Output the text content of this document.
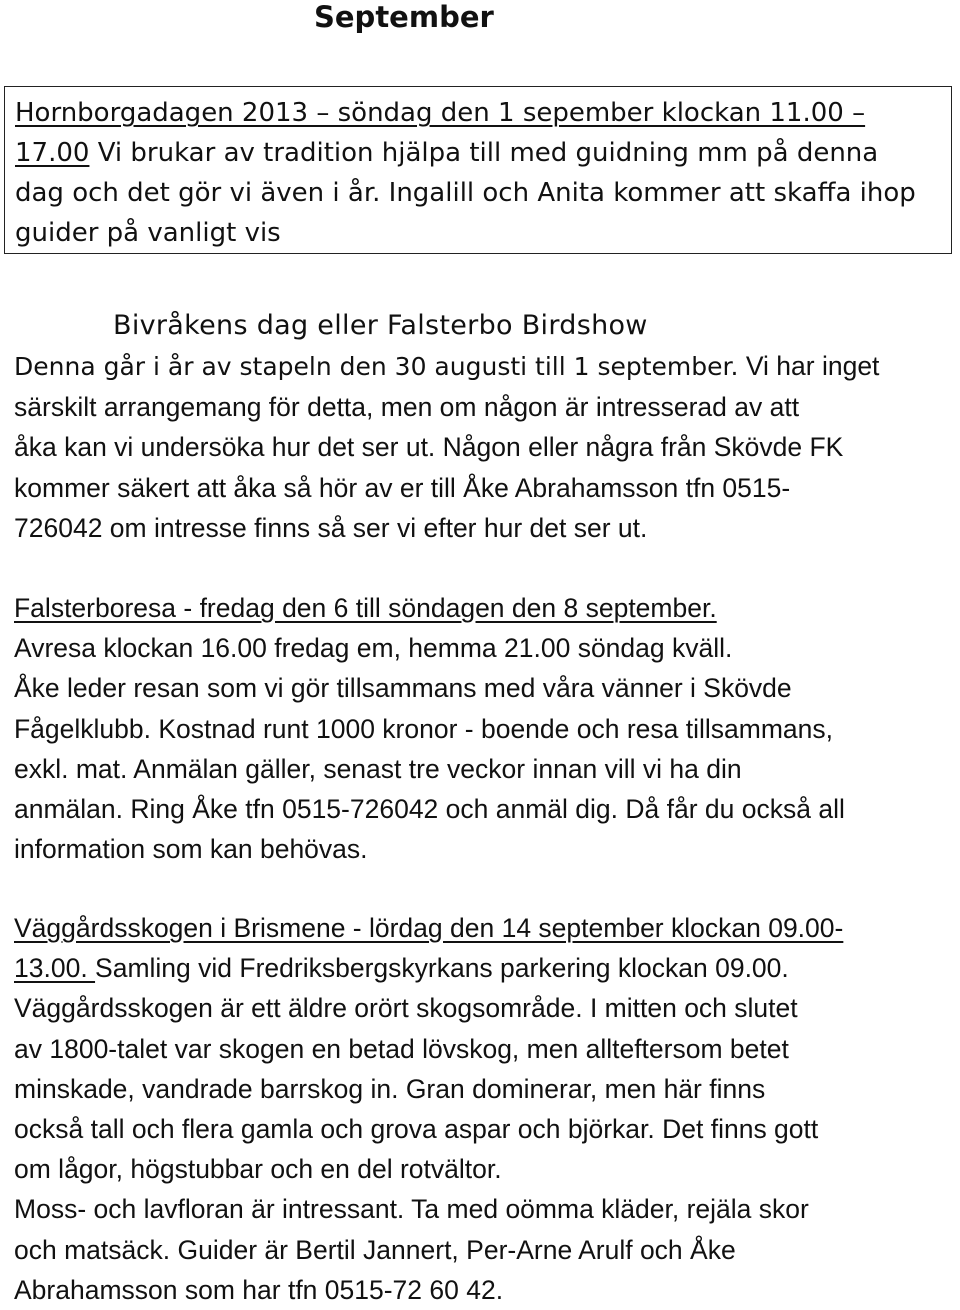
September
Hornborgadagen 2013 – söndag den 1 sepember klockan 11.00 –
17.00 Vi brukar av tradition hjälpa till med guidning mm på denna
dag och det gör vi även i år. Ingalill och Anita kommer att skaffa ihop
guider på vanligt vis
Bivråkens dag eller Falsterbo Birdshow
Denna går i år av stapeln den 30 augusti till 1 september. Vi har inget
särskilt arrangemang för detta, men om någon är intresserad av att
åka kan vi undersöka hur det ser ut. Någon eller några från Skövde FK
kommer säkert att åka så hör av er till Åke Abrahamsson tfn 0515-
726042 om intresse finns så ser vi efter hur det ser ut.
Falsterboresa - fredag den 6 till söndagen den 8 september.
Avresa klockan 16.00 fredag em, hemma 21.00 söndag kväll.
Åke leder resan som vi gör tillsammans med våra vänner i Skövde
Fågelklubb. Kostnad runt 1000 kronor - boende och resa tillsammans,
exkl. mat. Anmälan gäller, senast tre veckor innan vill vi ha din
anmälan. Ring Åke tfn 0515-726042 och anmäl dig. Då får du också all
information som kan behövas.
Väggårdsskogen i Brismene - lördag den 14 september klockan 09.00-
13.00. Samling vid Fredriksbergskyrkans parkering klockan 09.00.
Väggårdsskogen är ett äldre orört skogsområde. I mitten och slutet
av 1800-talet var skogen en betad lövskog, men allteftersom betet
minskade, vandrade barrskog in. Gran dominerar, men här finns
också tall och flera gamla och grova aspar och björkar. Det finns gott
om lågor, högstubbar och en del rotvältor.
Moss- och lavfloran är intressant. Ta med oömma kläder, rejäla skor
och matsäck. Guider är Bertil Jannert, Per-Arne Arulf och Åke
Abrahamsson som har tfn 0515-72 60 42.
